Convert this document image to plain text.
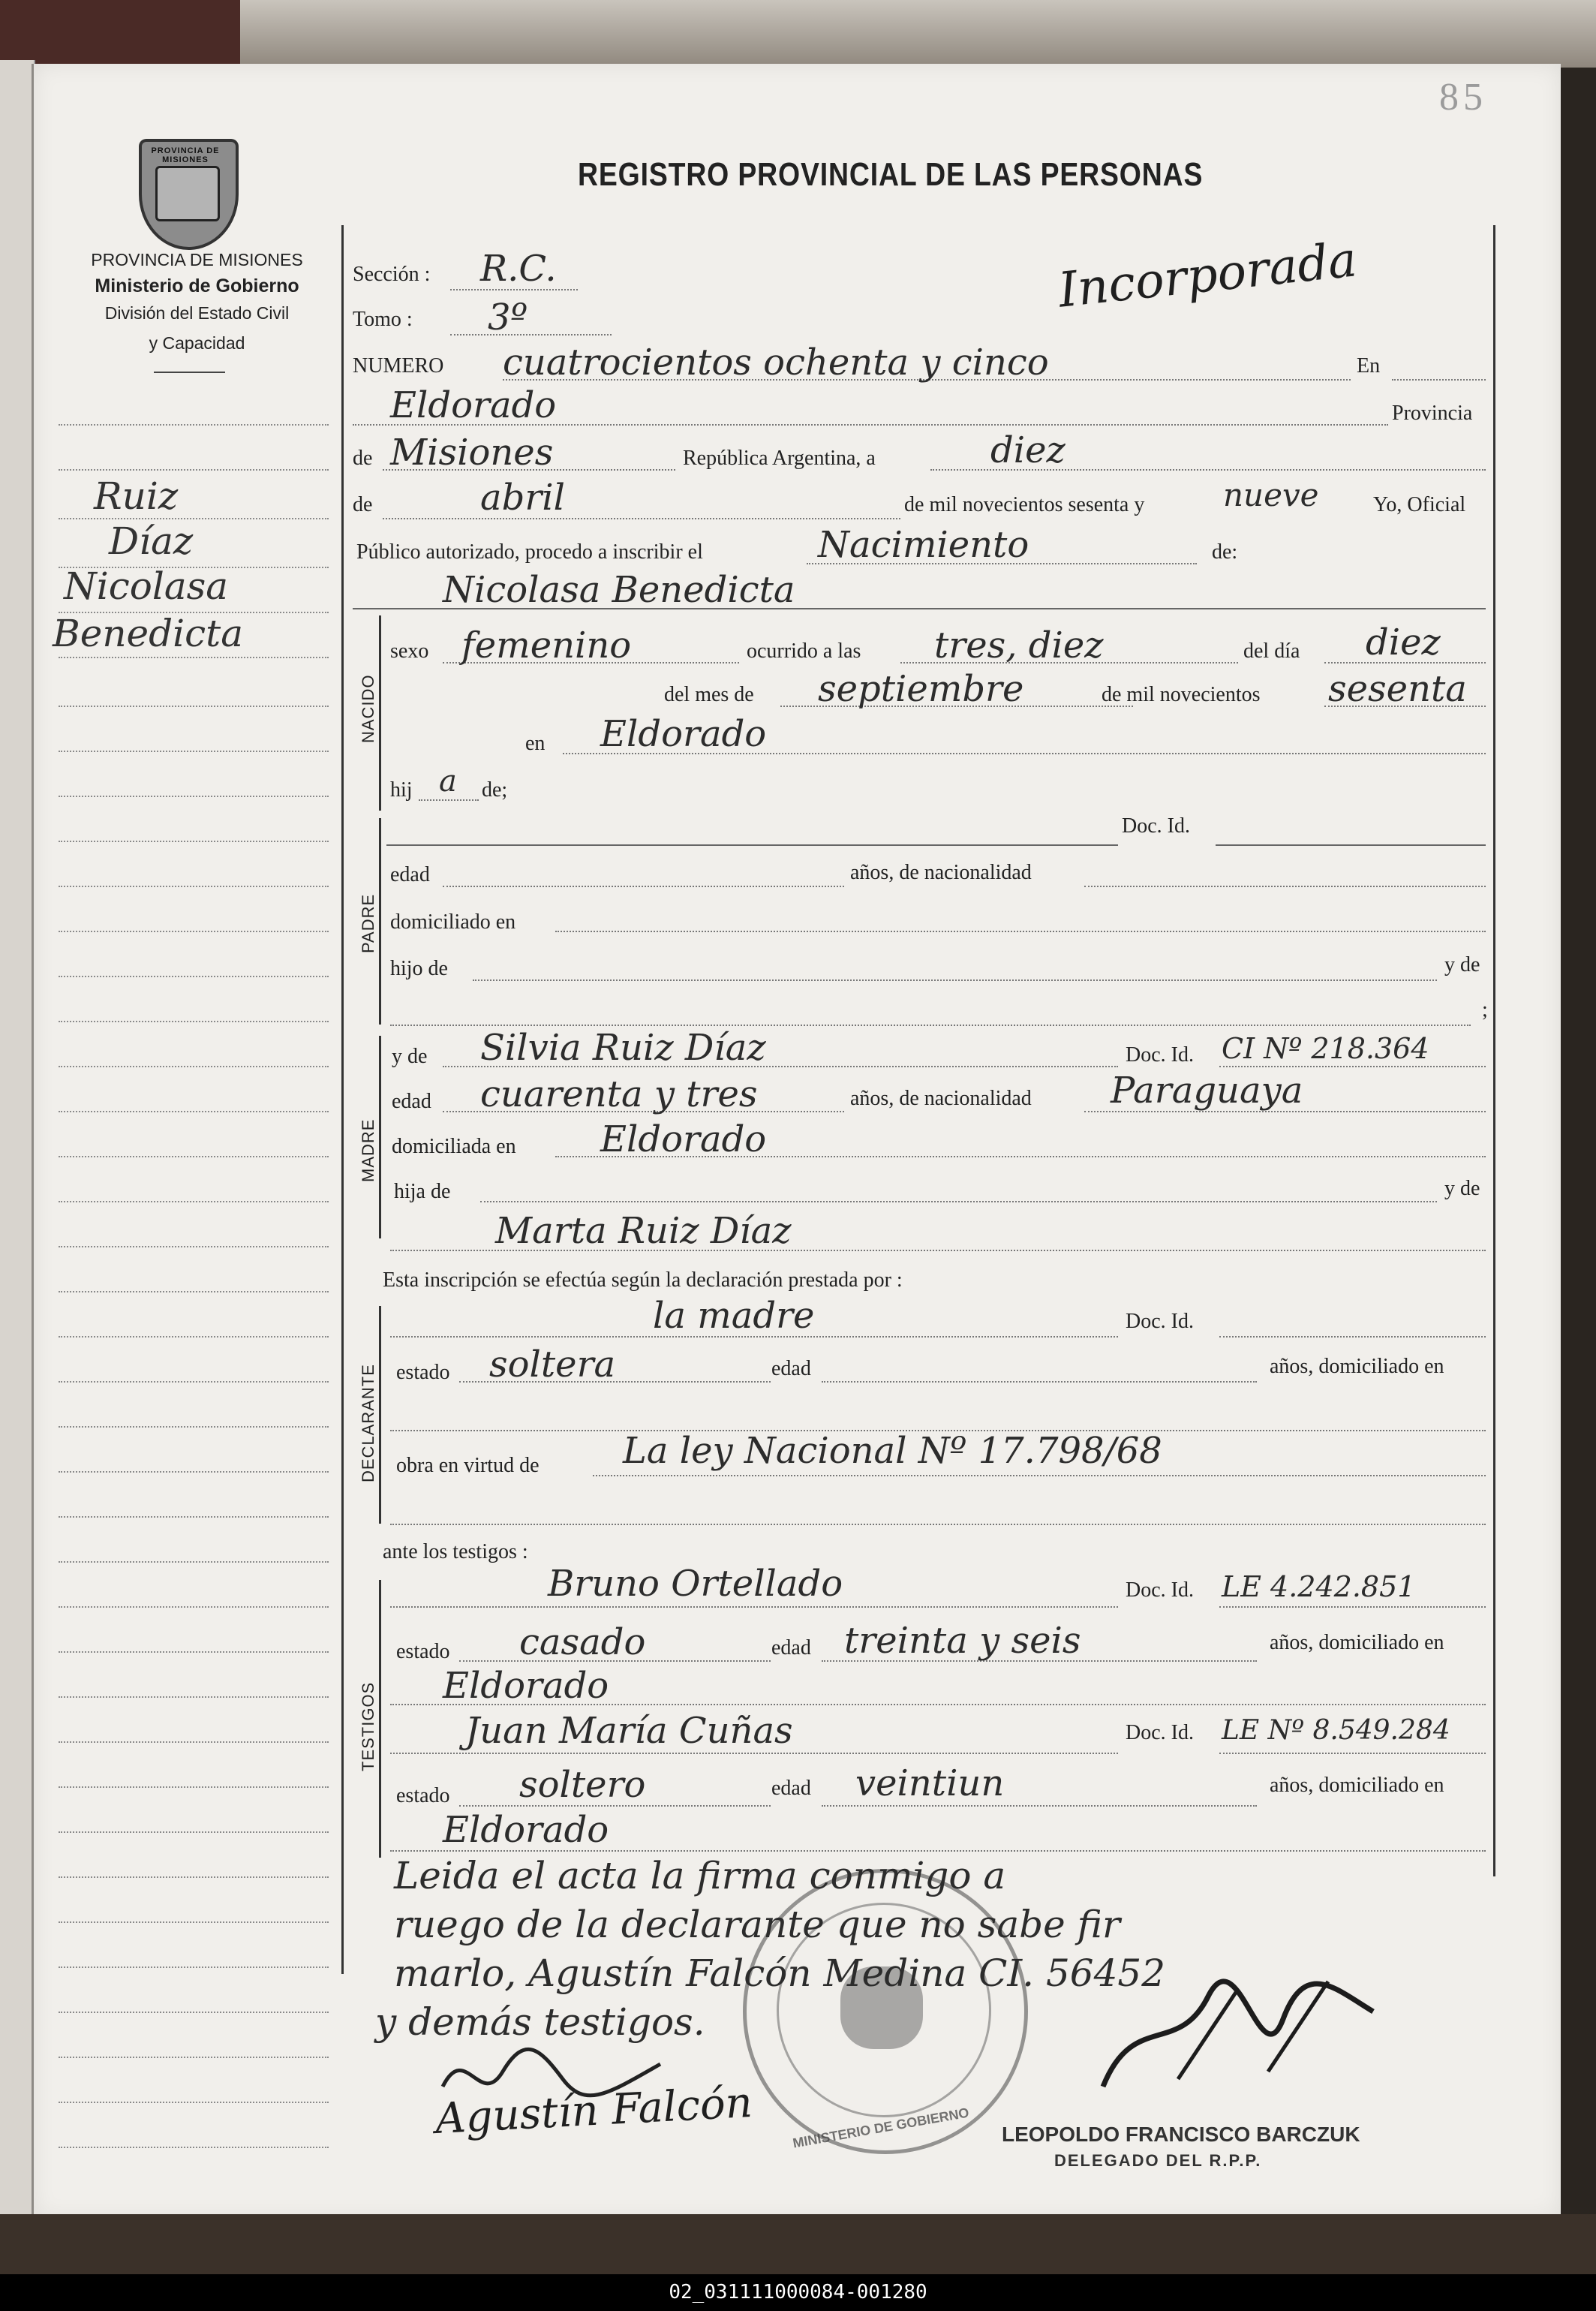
85
REGISTRO PROVINCIAL DE LAS PERSONAS
PROVINCIA DE MISIONES
PROVINCIA DE MISIONES
Ministerio de Gobierno
División del Estado Civil
y Capacidad
Ruiz
Díaz
Nicolasa
Benedicta
Incorporada
Sección : R.C.
Tomo : 3º
NUMERO cuatrocientos ochenta y cinco	En
Eldorado	Provincia
de Misiones	República Argentina, a	diez
de	abril	de mil novecientos sesenta y nueve	Yo, Oficial
Público autorizado, procedo a inscribir el	Nacimiento	de:
Nicolasa Benedicta
NACIDO
sexo femenino	ocurrido a las tres, diez	del día diez
del mes de septiembre	de mil novecientos sesenta
en Eldorado
hij a de;
PADRE
Doc. Id.
edad	años, de nacionalidad
domiciliado en
hijo de	y de
;
MADRE
y de Silvia Ruiz Díaz	Doc. Id. CI Nº 218.364
edad cuarenta y tres	años, de nacionalidad Paraguaya
domiciliada en Eldorado
hija de	y de
Marta Ruiz Díaz
Esta inscripción se efectúa según la declaración prestada por :
DECLARANTE
la madre	Doc. Id.
estado soltera	edad	años, domiciliado en
obra en virtud de La ley Nacional Nº 17.798/68
ante los testigos :
TESTIGOS
Bruno Ortellado	Doc. Id. LE 4.242.851
estado casado	edad treinta y seis	años, domiciliado en
Eldorado
Juan María Cuñas	Doc. Id. LE Nº 8.549.284
estado soltero	edad veintiun	años, domiciliado en
Eldorado
MINISTERIO DE GOBIERNO
Leida el acta la firma conmigo a
ruego de la declarante que no sabe fir
marlo, Agustín Falcón Medina CI. 56452
y demás testigos.
Agustín Falcón	LEOPOLDO FRANCISCO BARCZUK
DELEGADO DEL R.P.P.
02_031111000084-001280
